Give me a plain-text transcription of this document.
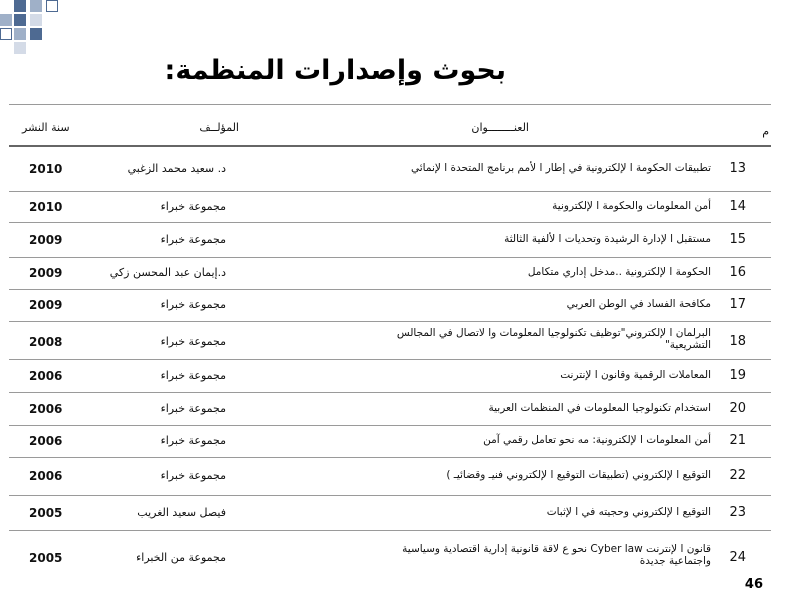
بحوث وإصدارات المنظمة:
م
العنــــــــوان
المؤلــف
سنة النشر
13
تطبيقات الحكومة ا لإلكترونية في إطار ا لأمم برنامج المتحدة ا لإنمائي
د. سعيد محمد الزغبي
2010
14
أمن المعلومات والحكومة ا لإلكترونية
مجموعة خبراء
2010
15
مستقبل ا لإدارة الرشيدة وتحديات ا لألفية الثالثة
مجموعة خبراء
2009
16
الحكومة ا لإلكترونية ..مدخل إداري متكامل
د.إيمان عبد المحسن زكي
2009
17
مكافحة الفساد في الوطن العربي
مجموعة خبراء
2009
18
البرلمان ا لإلكتروني"توظيف تكنولوجيا المعلومات وا لاتصال في المجالس
التشريعية"
مجموعة خبراء
2008
19
المعاملات الرقمية وقانون ا لإنترنت
مجموعة خبراء
2006
20
استخدام تكنولوجيا المعلومات في المنظمات العربية
مجموعة خبراء
2006
21
أمن المعلومات ا لإلكترونية: مه نحو تعامل رقمي آمن
مجموعة خبراء
2006
22
التوقيع ا لإلكتروني (تطبيقات التوقيع ا لإلكتروني فنيـ وقضائيـ )
مجموعة خبراء
2006
23
التوقيع ا لإلكتروني وحجيته في ا لإثبات
فيصل سعيد الغريب
2005
24
قانون ا لإنترنت Cyber law نحو ع لاقة قانونية إدارية اقتصادية وسياسية
واجتماعية جديدة
مجموعة من الخبراء
2005
46
